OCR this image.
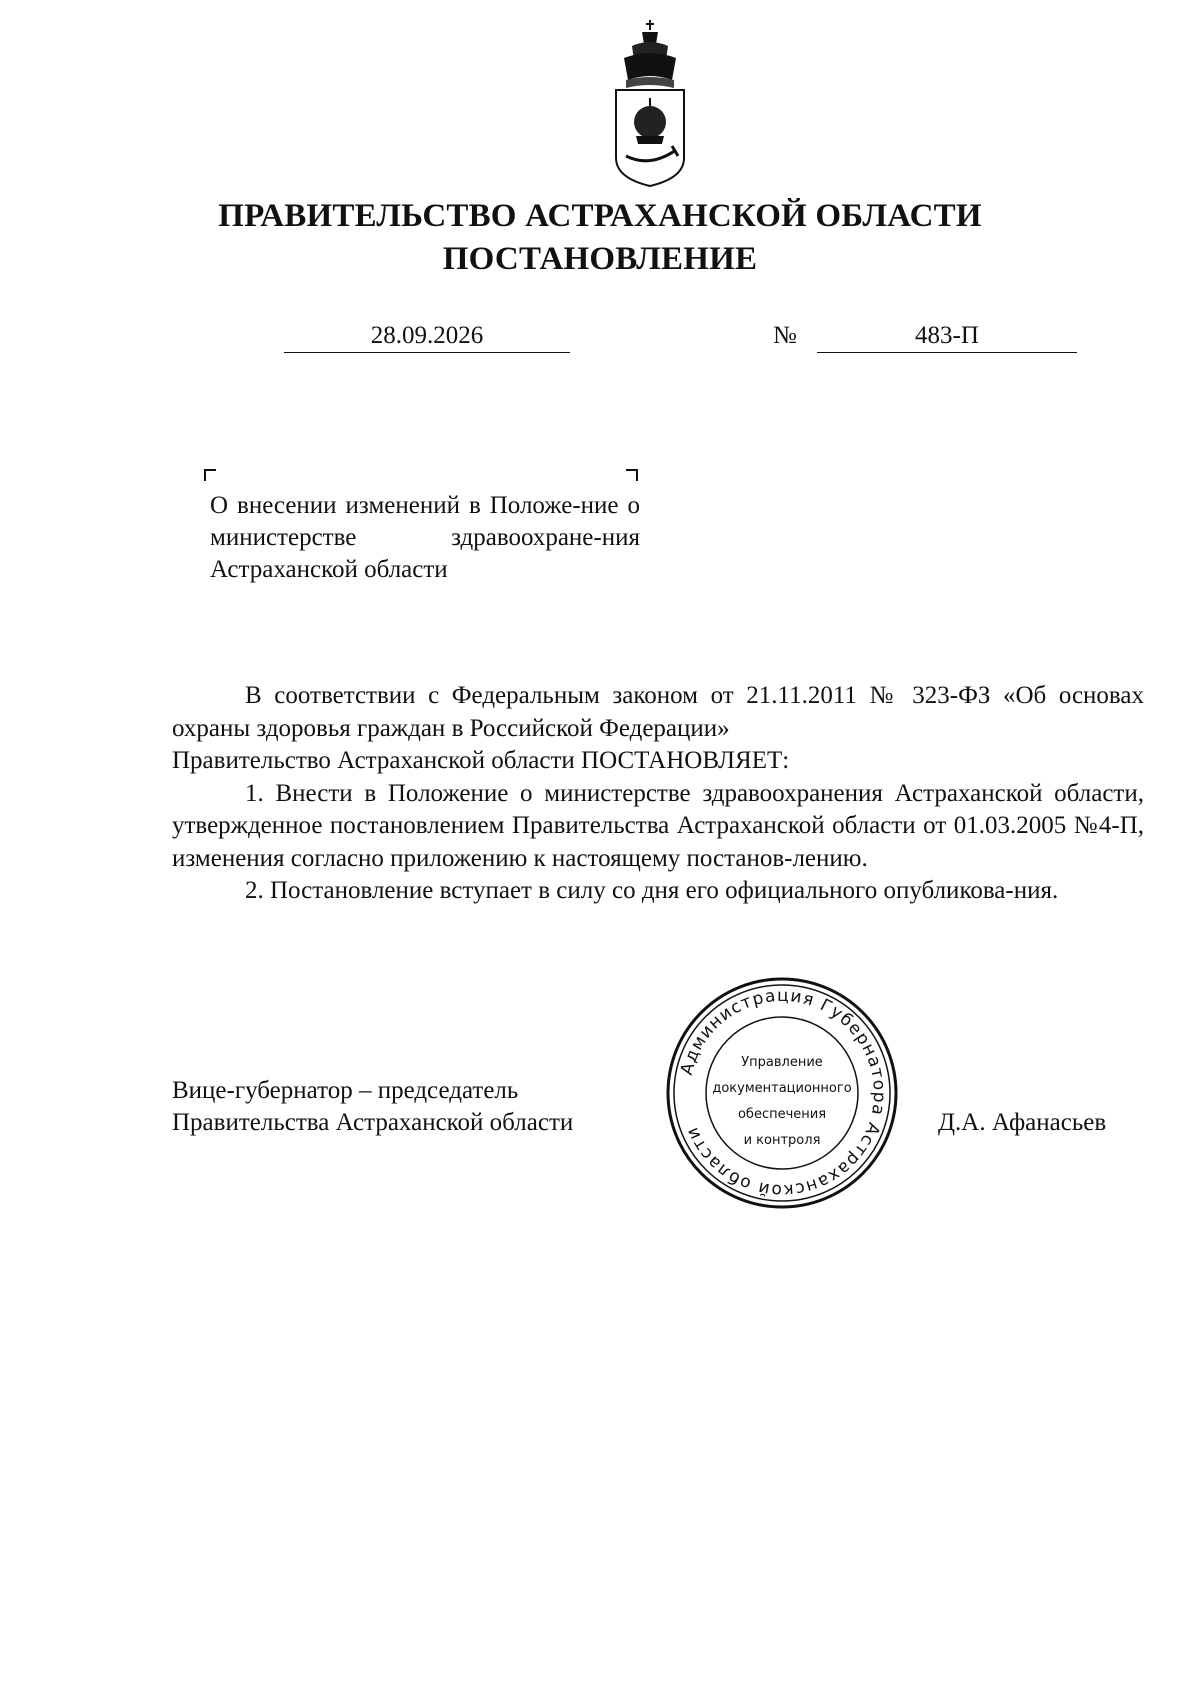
ПРАВИТЕЛЬСТВО АСТРАХАНСКОЙ ОБЛАСТИ
ПОСТАНОВЛЕНИЕ
28.09.2026	№	483-П
О внесении изменений в Положе-ние о министерстве здравоохране-ния Астраханской области

В соответствии с Федеральным законом от 21.11.2011 № 323-ФЗ «Об основах охраны здоровья граждан в Российской Федерации»

Правительство Астраханской области ПОСТАНОВЛЯЕТ:

1. Внести в Положение о министерстве здравоохранения Астраханской области, утвержденное постановлением Правительства Астраханской области от 01.03.2005 №4-П, изменения согласно приложению к настоящему постанов-лению.

2. Постановление вступает в силу со дня его официального опубликова-ния.

Вице-губернатор – председатель
Правительства Астраханской области	Д.А. Афанасьев
Администрация Губернатора Астраханской области
Управление
документационного
обеспечения
и контроля
